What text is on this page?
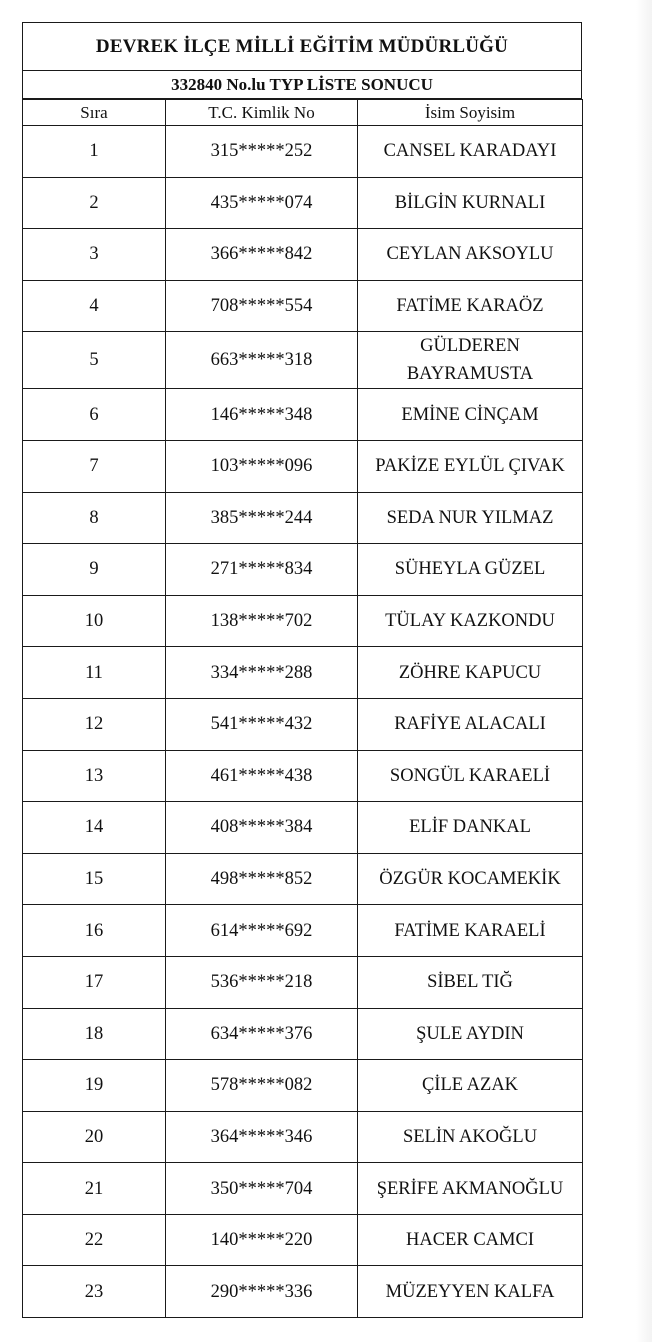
DEVREK İLÇE MİLLİ EĞİTİM MÜDÜRLÜĞÜ
332840 No.lu TYP LİSTE SONUCU
Sıra	T.C. Kimlik No	İsim Soyisim
1	315*****252	CANSEL KARADAYI
2	435*****074	BİLGİN KURNALI
3	366*****842	CEYLAN AKSOYLU
4	708*****554	FATİME KARAÖZ
5	663*****318	GÜLDEREN BAYRAMUSTA
6	146*****348	EMİNE CİNÇAM
7	103*****096	PAKİZE EYLÜL ÇIVAK
8	385*****244	SEDA NUR YILMAZ
9	271*****834	SÜHEYLA GÜZEL
10	138*****702	TÜLAY KAZKONDU
11	334*****288	ZÖHRE KAPUCU
12	541*****432	RAFİYE ALACALI
13	461*****438	SONGÜL KARAELİ
14	408*****384	ELİF DANKAL
15	498*****852	ÖZGÜR KOCAMEKİK
16	614*****692	FATİME KARAELİ
17	536*****218	SİBEL TIĞ
18	634*****376	ŞULE AYDIN
19	578*****082	ÇİLE AZAK
20	364*****346	SELİN AKOĞLU
21	350*****704	ŞERİFE AKMANOĞLU
22	140*****220	HACER CAMCI
23	290*****336	MÜZEYYEN KALFA
